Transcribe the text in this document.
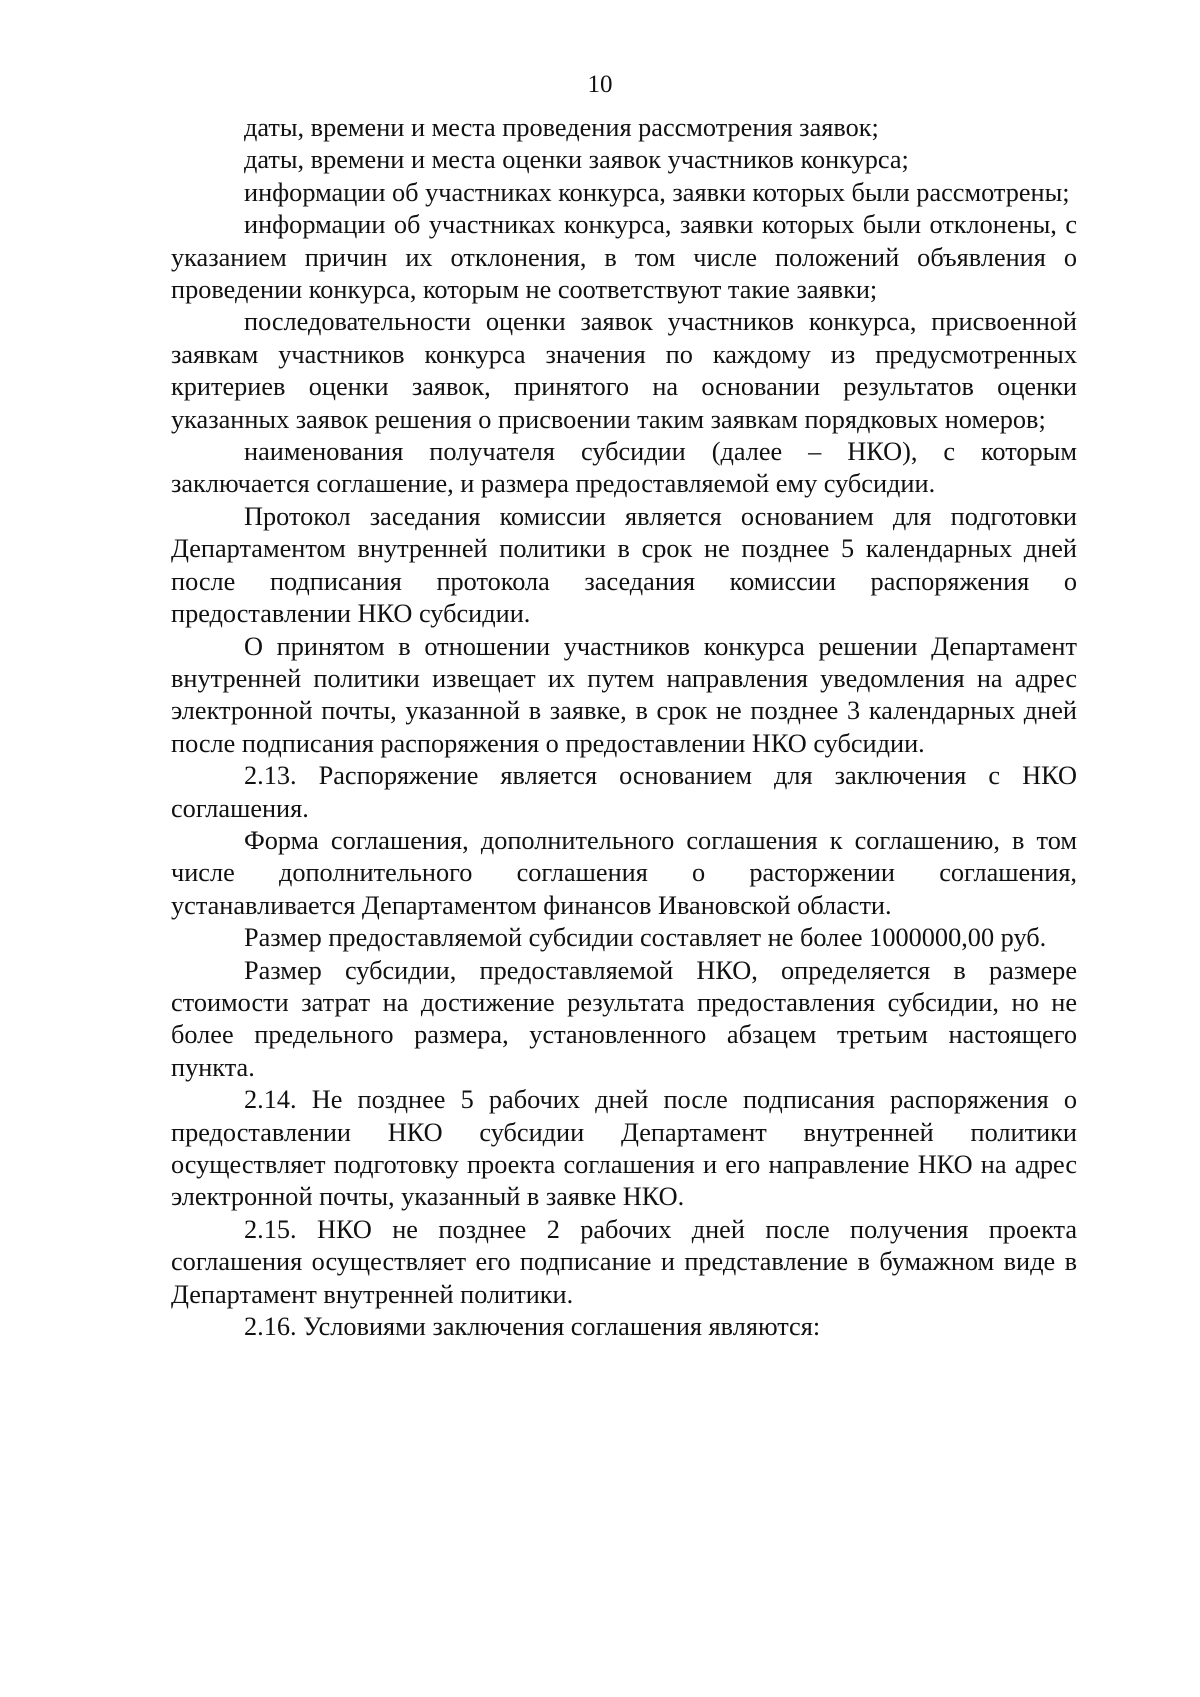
10

даты, времени и места проведения рассмотрения заявок;

даты, времени и места оценки заявок участников конкурса;

информации об участниках конкурса, заявки которых были рассмотрены;

информации об участниках конкурса, заявки которых были отклонены, с указанием причин их отклонения, в том числе положений объявления о проведении конкурса, которым не соответствуют такие заявки;

последовательности оценки заявок участников конкурса, присвоенной заявкам участников конкурса значения по каждому из предусмотренных критериев оценки заявок, принятого на основании результатов оценки указанных заявок решения о присвоении таким заявкам порядковых номеров;

наименования получателя субсидии (далее – НКО), с которым заключается соглашение, и размера предоставляемой ему субсидии.

Протокол заседания комиссии является основанием для подготовки Департаментом внутренней политики в срок не позднее 5 календарных дней после подписания протокола заседания комиссии распоряжения о предоставлении НКО субсидии.

О принятом в отношении участников конкурса решении Департамент внутренней политики извещает их путем направления уведомления на адрес электронной почты, указанной в заявке, в срок не позднее 3 календарных дней после подписания распоряжения о предоставлении НКО субсидии.

2.13. Распоряжение является основанием для заключения с НКО соглашения.

Форма соглашения, дополнительного соглашения к соглашению, в том числе дополнительного соглашения о расторжении соглашения, устанавливается Департаментом финансов Ивановской области.

Размер предоставляемой субсидии составляет не более 1000000,00 руб.

Размер субсидии, предоставляемой НКО, определяется в размере стоимости затрат на достижение результата предоставления субсидии, но не более предельного размера, установленного абзацем третьим настоящего пункта.

2.14. Не позднее 5 рабочих дней после подписания распоряжения о предоставлении НКО субсидии Департамент внутренней политики осуществляет подготовку проекта соглашения и его направление НКО на адрес электронной почты, указанный в заявке НКО.

2.15. НКО не позднее 2 рабочих дней после получения проекта соглашения осуществляет его подписание и представление в бумажном виде в Департамент внутренней политики.

2.16. Условиями заключения соглашения являются:
